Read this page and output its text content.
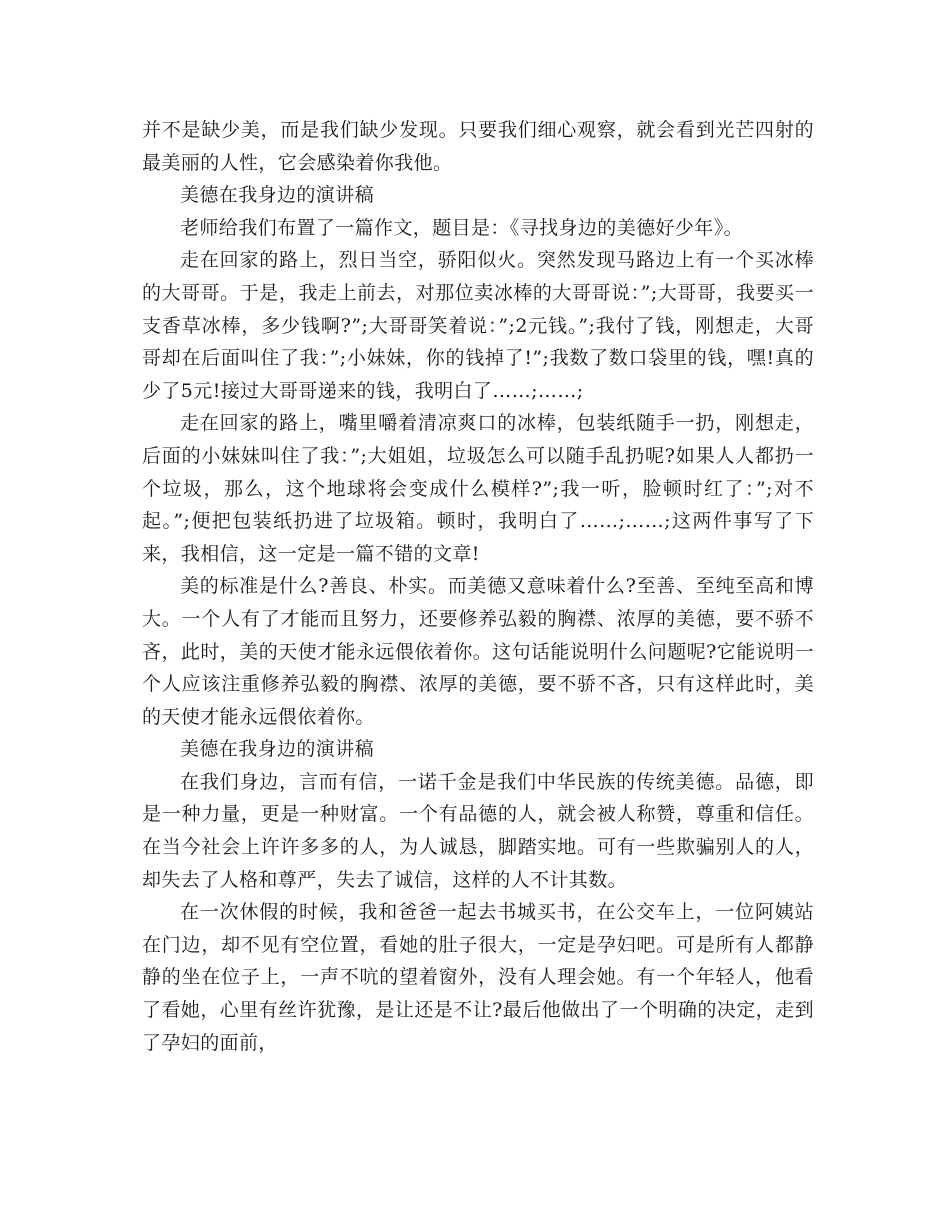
并不是缺少美，而是我们缺少发现。只要我们细心观察，就会看到光芒四射的最美丽的人性，它会感染着你我他。

美德在我身边的演讲稿

老师给我们布置了一篇作文，题目是：《寻找身边的美德好少年》。

走在回家的路上，烈日当空，骄阳似火。突然发现马路边上有一个买冰棒的大哥哥。于是，我走上前去，对那位卖冰棒的大哥哥说：”;大哥哥，我要买一支香草冰棒，多少钱啊?”;大哥哥笑着说：”;2元钱。”;我付了钱，刚想走，大哥哥却在后面叫住了我：”;小妹妹，你的钱掉了!”;我数了数口袋里的钱，嘿!真的少了5元!接过大哥哥递来的钱，我明白了……;……;

走在回家的路上，嘴里嚼着清凉爽口的冰棒，包装纸随手一扔，刚想走，后面的小妹妹叫住了我：”;大姐姐，垃圾怎么可以随手乱扔呢?如果人人都扔一个垃圾，那么，这个地球将会变成什么模样?”;我一听，脸顿时红了：”;对不起。”;便把包装纸扔进了垃圾箱。顿时，我明白了……;……;这两件事写了下来，我相信，这一定是一篇不错的文章!

美的标准是什么?善良、朴实。而美德又意味着什么?至善、至纯至高和博大。一个人有了才能而且努力，还要修养弘毅的胸襟、浓厚的美德，要不骄不吝，此时，美的天使才能永远偎依着你。这句话能说明什么问题呢?它能说明一个人应该注重修养弘毅的胸襟、浓厚的美德，要不骄不吝，只有这样此时，美的天使才能永远偎依着你。

美德在我身边的演讲稿

在我们身边，言而有信，一诺千金是我们中华民族的传统美德。品德，即是一种力量，更是一种财富。一个有品德的人，就会被人称赞，尊重和信任。在当今社会上许许多多的人，为人诚恳，脚踏实地。可有一些欺骗别人的人，却失去了人格和尊严，失去了诚信，这样的人不计其数。

在一次休假的时候，我和爸爸一起去书城买书，在公交车上，一位阿姨站在门边，却不见有空位置，看她的肚子很大，一定是孕妇吧。可是所有人都静静的坐在位子上，一声不吭的望着窗外，没有人理会她。有一个年轻人，他看了看她，心里有丝许犹豫，是让还是不让?最后他做出了一个明确的决定，走到了孕妇的面前，
